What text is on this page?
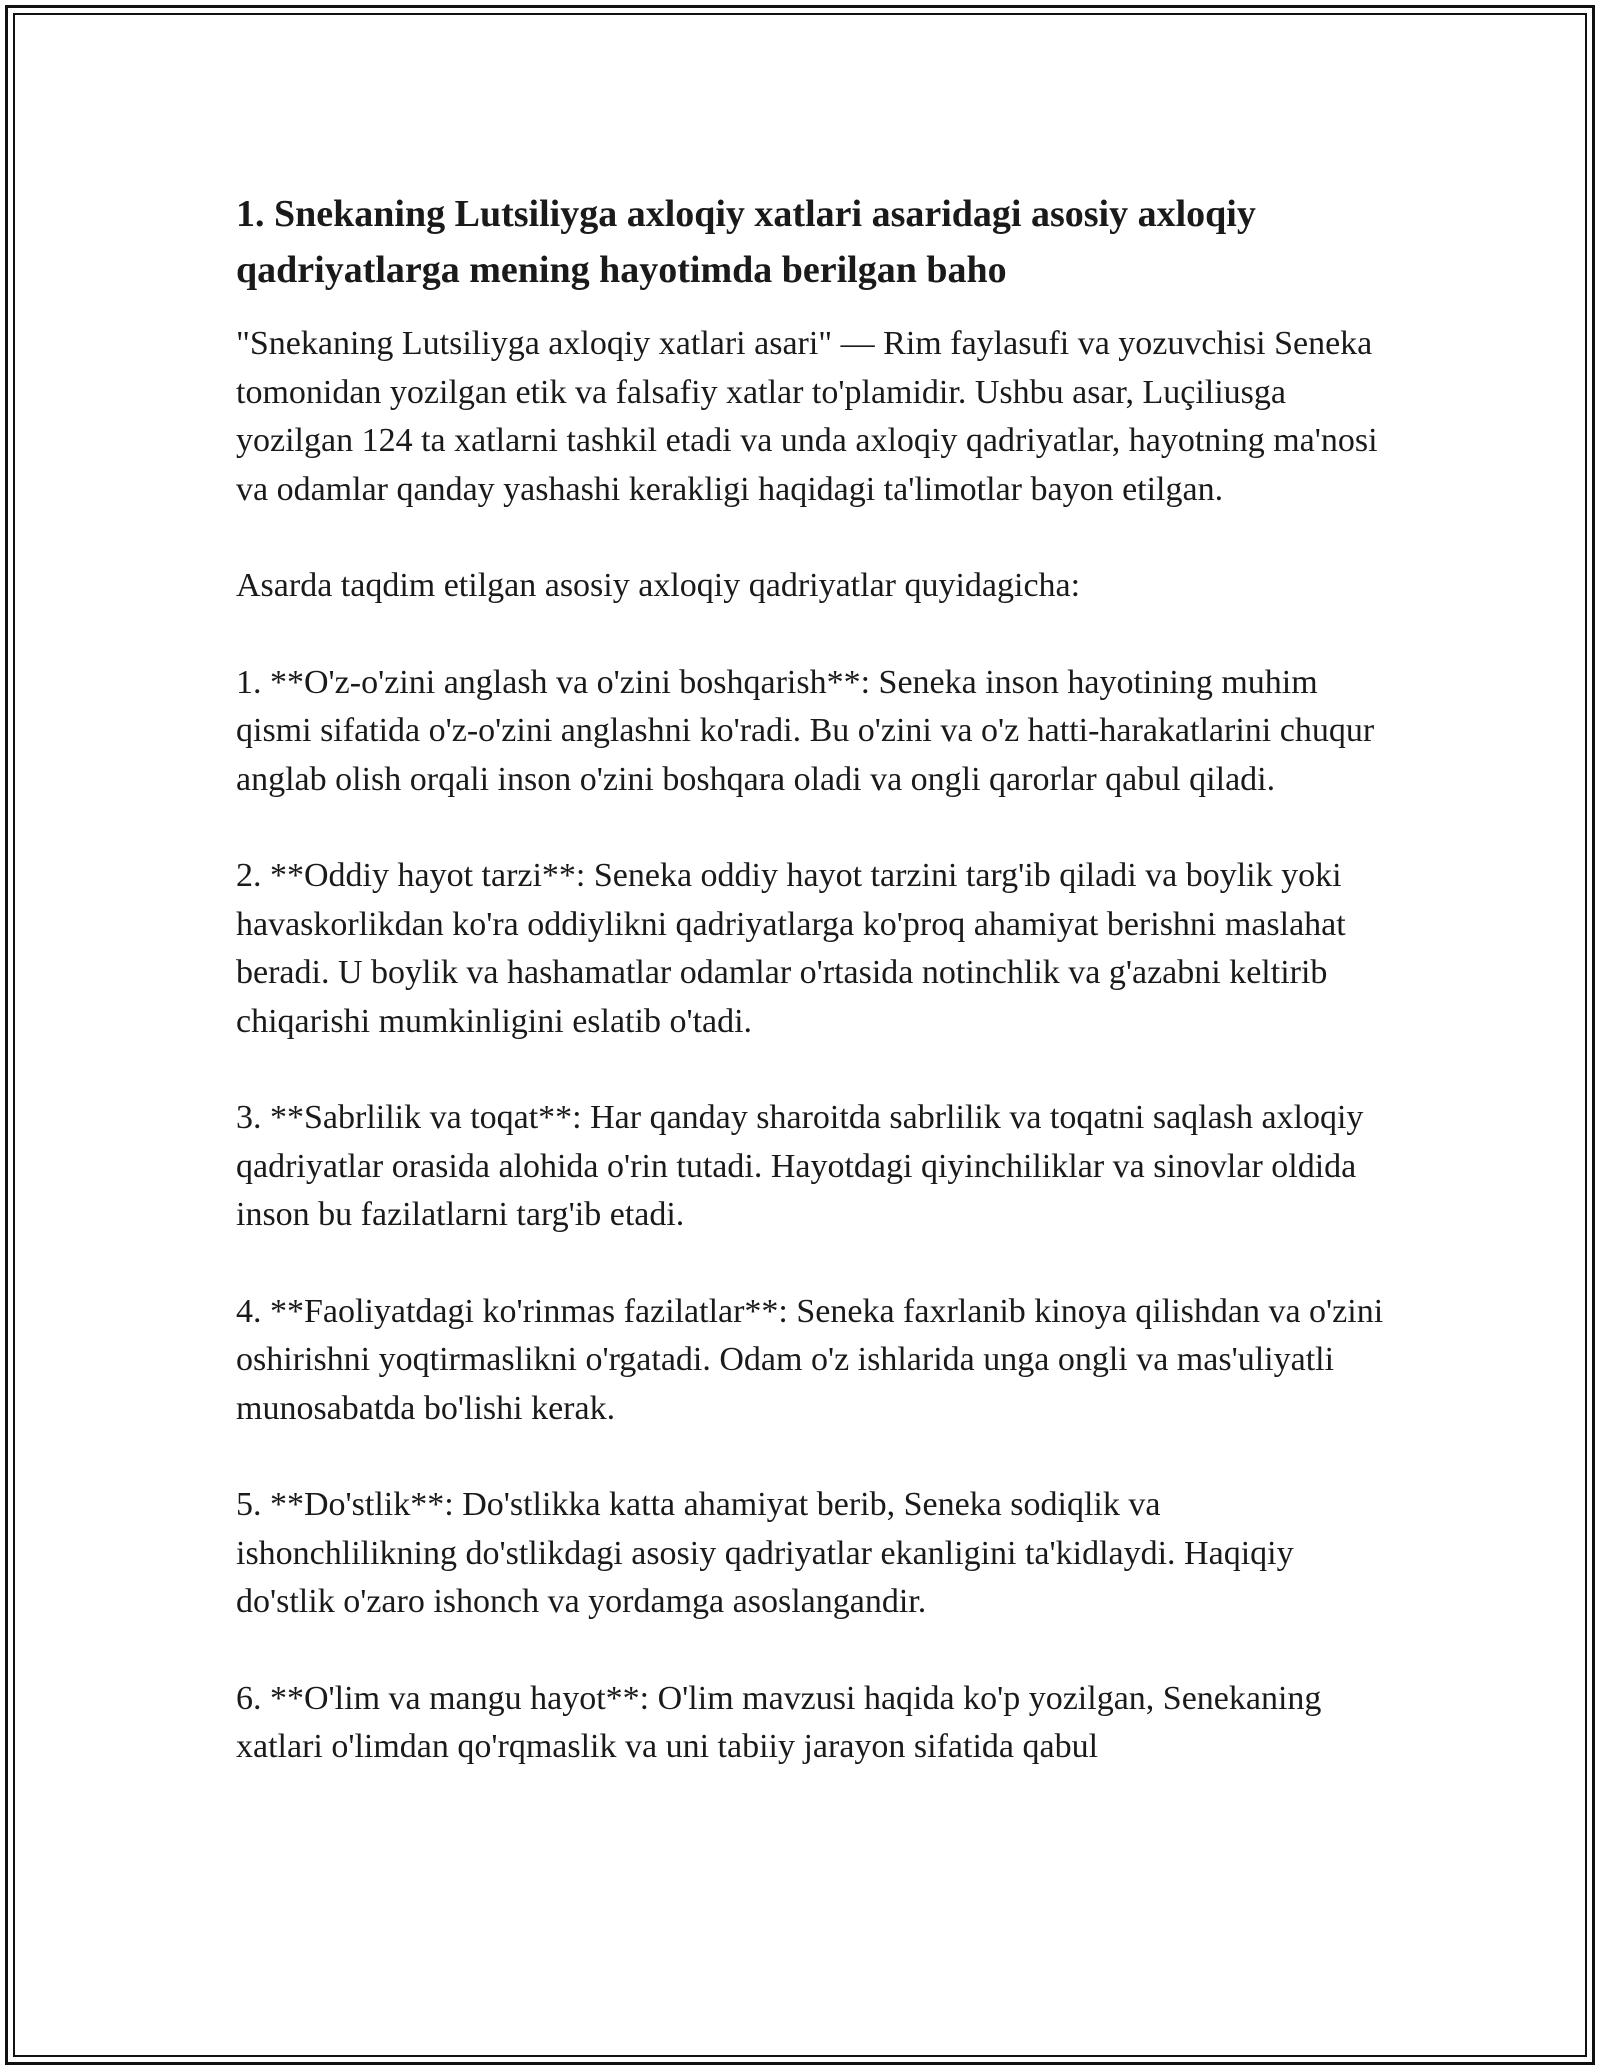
1. Snekaning Lutsiliyga axloqiy xatlari asaridagi asosiy axloqiy qadriyatlarga mening hayotimda berilgan baho

"Snekaning Lutsiliyga axloqiy xatlari asari" — Rim faylasufi va yozuvchisi Seneka tomonidan yozilgan etik va falsafiy xatlar to'plamidir. Ushbu asar, Luçiliusga yozilgan 124 ta xatlarni tashkil etadi va unda axloqiy qadriyatlar, hayotning ma'nosi va odamlar qanday yashashi kerakligi haqidagi ta'limotlar bayon etilgan.

Asarda taqdim etilgan asosiy axloqiy qadriyatlar quyidagicha:

1. **O'z-o'zini anglash va o'zini boshqarish**: Seneka inson hayotining muhim qismi sifatida o'z-o'zini anglashni ko'radi. Bu o'zini va o'z hatti-harakatlarini chuqur anglab olish orqali inson o'zini boshqara oladi va ongli qarorlar qabul qiladi.

2. **Oddiy hayot tarzi**: Seneka oddiy hayot tarzini targ'ib qiladi va boylik yoki havaskorlikdan ko'ra oddiylikni qadriyatlarga ko'proq ahamiyat berishni maslahat beradi. U boylik va hashamatlar odamlar o'rtasida notinchlik va g'azabni keltirib chiqarishi mumkinligini eslatib o'tadi.

3. **Sabrlilik va toqat**: Har qanday sharoitda sabrlilik va toqatni saqlash axloqiy qadriyatlar orasida alohida o'rin tutadi. Hayotdagi qiyinchiliklar va sinovlar oldida inson bu fazilatlarni targ'ib etadi.

4. **Faoliyatdagi ko'rinmas fazilatlar**: Seneka faxrlanib kinoya qilishdan va o'zini oshirishni yoqtirmaslikni o'rgatadi. Odam o'z ishlarida unga ongli va mas'uliyatli munosabatda bo'lishi kerak.

5. **Do'stlik**: Do'stlikka katta ahamiyat berib, Seneka sodiqlik va ishonchlilikning do'stlikdagi asosiy qadriyatlar ekanligini ta'kidlaydi. Haqiqiy do'stlik o'zaro ishonch va yordamga asoslangandir.

6. **O'lim va mangu hayot**: O'lim mavzusi haqida ko'p yozilgan, Senekaning xatlari o'limdan qo'rqmaslik va uni tabiiy jarayon sifatida qabul
